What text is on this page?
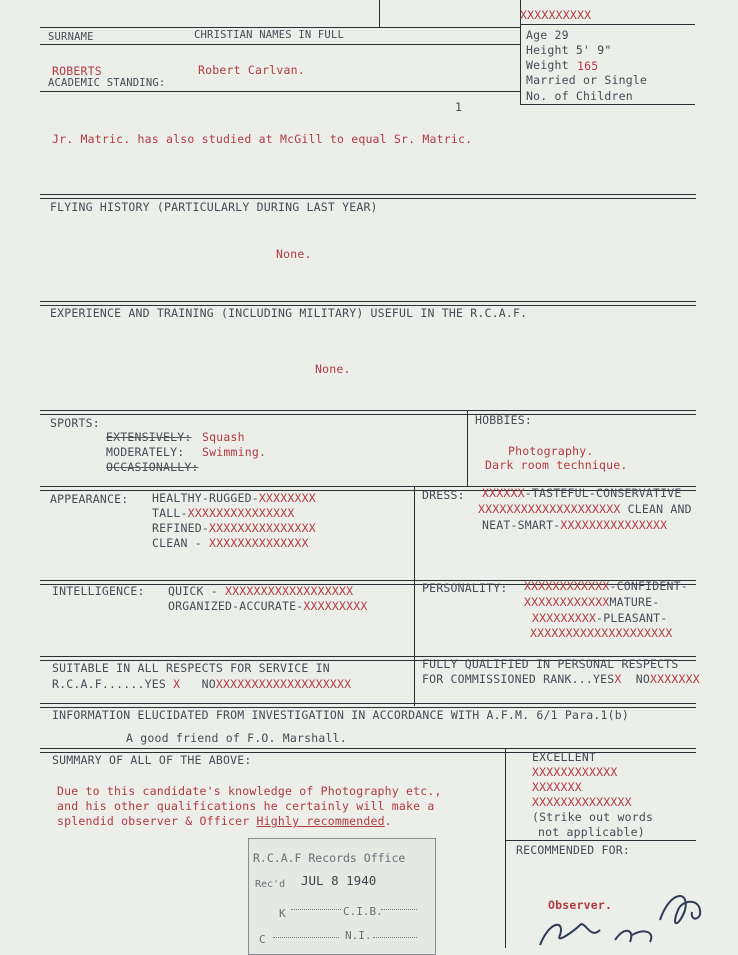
XXXXXXXXXX
SURNAME	CHRISTIAN NAMES IN FULL
ROBERTS	Robert Carlvan.
ACADEMIC STANDING:
1
Age 29
Height 5' 9"
Weight 165
Married or Single
No. of Children
Jr. Matric. has also studied at McGill to equal Sr. Matric.
FLYING HISTORY (PARTICULARLY DURING LAST YEAR)
None.
EXPERIENCE AND TRAINING (INCLUDING MILITARY) USEFUL IN THE R.C.A.F.
None.
SPORTS:
EXTENSIVELY: Squash
MODERATELY: Swimming.
OCCASIONALLY:
HOBBIES:
Photography.
Dark room technique.
APPEARANCE: HEALTHY-RUGGED-XXXXXXXX
TALL-XXXXXXXXXXXXXXX
REFINED-XXXXXXXXXXXXXXX
CLEAN - XXXXXXXXXXXXXX
DRESS: XXXXXX-TASTEFUL-CONSERVATIVE
XXXXXXXXXXXXXXXXXXXX CLEAN AND
NEAT-SMART-XXXXXXXXXXXXXXX
INTELLIGENCE: QUICK - XXXXXXXXXXXXXXXXXX
ORGANIZED-ACCURATE-XXXXXXXXX
PERSONALITY: XXXXXXXXXXXX-CONFIDENT-
XXXXXXXXXXXXMATURE-
XXXXXXXXX-PLEASANT-
XXXXXXXXXXXXXXXXXXXX
SUITABLE IN ALL RESPECTS FOR SERVICE IN
R.C.A.F......YES X NOXXXXXXXXXXXXXXXXXXX
FULLY QUALIFIED IN PERSONAL RESPECTS
FOR COMMISSIONED RANK...YESX NOXXXXXXX
INFORMATION ELUCIDATED FROM INVESTIGATION IN ACCORDANCE WITH A.F.M. 6/1 Para.1(b)
A good friend of F.O. Marshall.
SUMMARY OF ALL OF THE ABOVE:
Due to this candidate's knowledge of Photography etc.,
and his other qualifications he certainly will make a
splendid observer & Officer Highly recommended.
EXCELLENT
XXXXXXXXXXXX
XXXXXXX
XXXXXXXXXXXXXX
(Strike out words
not applicable)
RECOMMENDED FOR:
Observer.
R.C.A.F Records Office
Rec'd JUL 8 1940
K	C.I.B.
C	N.I.
